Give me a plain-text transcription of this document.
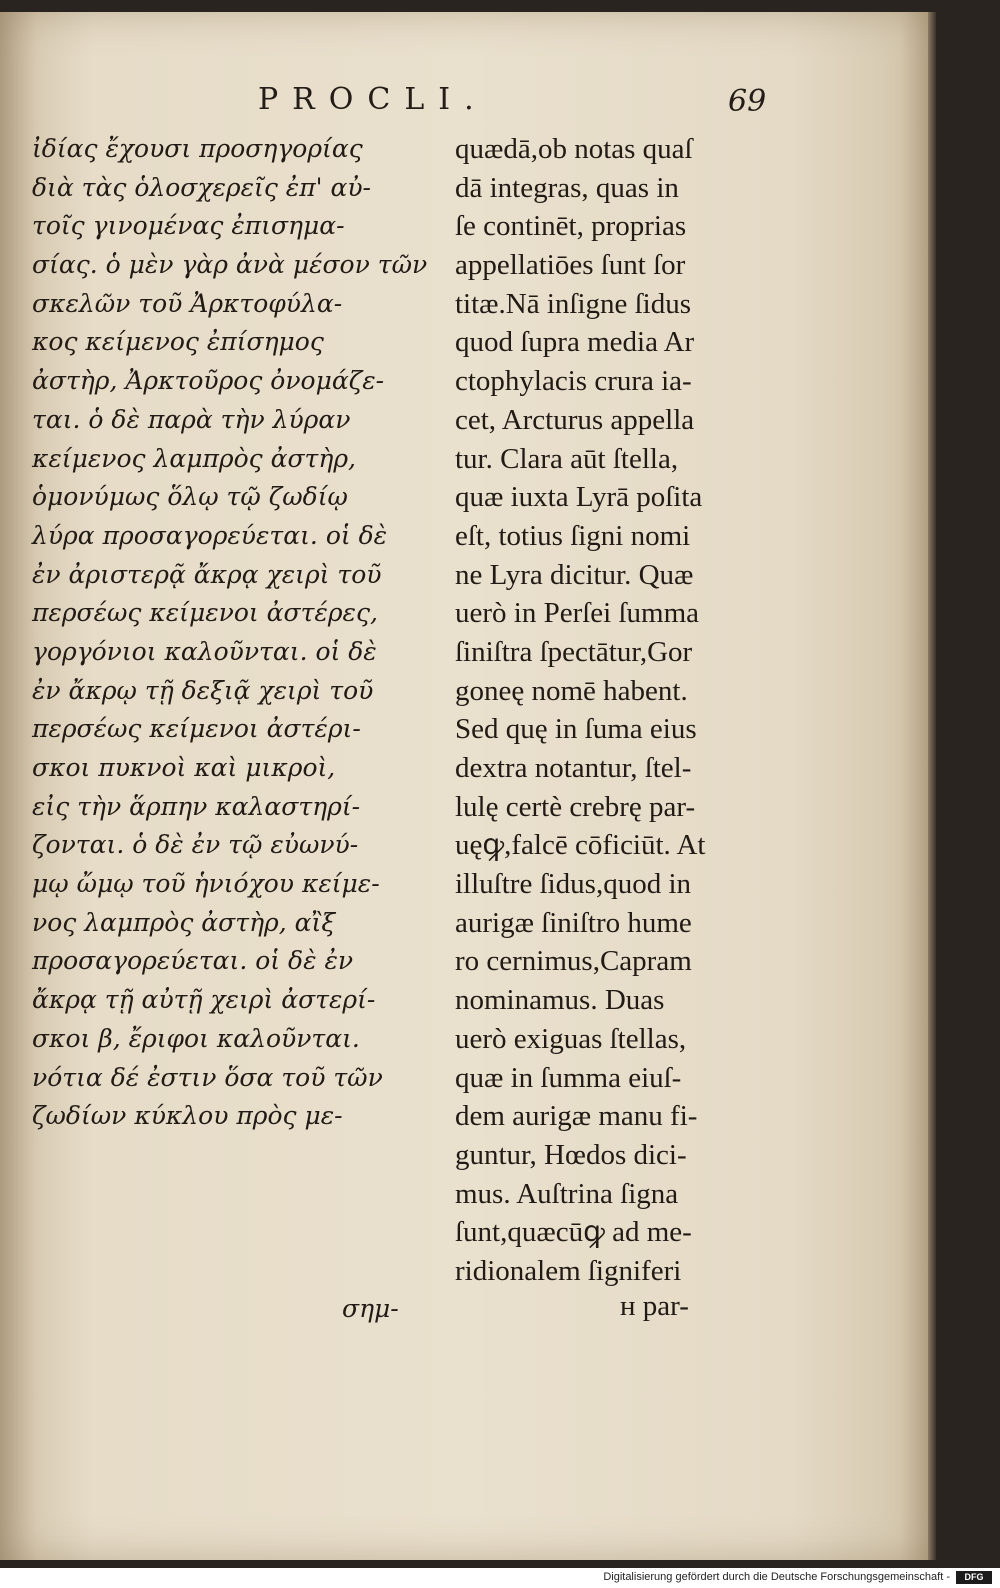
PROCLI.	69
ἰδίας ἔχουσι προσηγορίας
διὰ τὰς ὁλοσχερεῖς ἐπ' αὐ-
τοῖς γινομένας ἐπισημα-
σίας. ὁ μὲν γὰρ ἀνὰ μέσον τῶν
σκελῶν τοῦ Ἀρκτοφύλα-
κος κείμενος ἐπίσημος
ἀστὴρ, Ἀρκτοῦρος ὀνομάζε-
ται. ὁ δὲ παρὰ τὴν λύραν
κείμενος λαμπρὸς ἀστὴρ,
ὁμονύμως ὅλῳ τῷ ζωδίῳ
λύρα προσαγορεύεται. οἱ δὲ
ἐν ἀριστερᾷ ἄκρᾳ χειρὶ τοῦ
περσέως κείμενοι ἀστέρες,
γοργόνιοι καλοῦνται. οἱ δὲ
ἐν ἄκρῳ τῇ δεξιᾷ χειρὶ τοῦ
περσέως κείμενοι ἀστέρι-
σκοι πυκνοὶ καὶ μικροὶ,
εἰς τὴν ἅρπην καλαστηρί-
ζονται. ὁ δὲ ἐν τῷ εὐωνύ-
μῳ ὤμῳ τοῦ ἡνιόχου κείμε-
νος λαμπρὸς ἀστὴρ, αἲξ
προσαγορεύεται. οἱ δὲ ἐν
ἄκρᾳ τῇ αὐτῇ χειρὶ ἀστερί-
σκοι β, ἔριφοι καλοῦνται.
νότια δέ ἐστιν ὅσα τοῦ τῶν
ζωδίων κύκλου πρὸς με-
quædā,ob notas quaſ
dā integras, quas in
ſe continēt, proprias
appellatiōes ſunt ſor
titæ.Nā inſigne ſidus
quod ſupra media Ar
ctophylacis crura ia-
cet, Arcturus appella
tur. Clara aūt ſtella,
quæ iuxta Lyrā poſita
eſt, totius ſigni nomi
ne Lyra dicitur. Quæ
uerò in Perſei ſumma
ſiniſtra ſpectātur,Gor
goneę nomē habent.
Sed quę in ſuma eius
dextra notantur, ſtel-
lulę certè crebrę par-
uęꝙ,falcē cōficiūt. At
illuſtre ſidus,quod in
aurigæ ſiniſtro hume
ro cernimus,Capram
nominamus. Duas
uerò exiguas ſtellas,
quæ in ſumma eiuſ-
dem aurigæ manu fi-
guntur, Hœdos dici-
mus. Auſtrina ſigna
ſunt,quæcūꝙ ad me-
ridionalem ſigniferi
σημ-	ʜ par-
Digitalisierung gefördert durch die Deutsche Forschungsgemeinschaft -	DFG
